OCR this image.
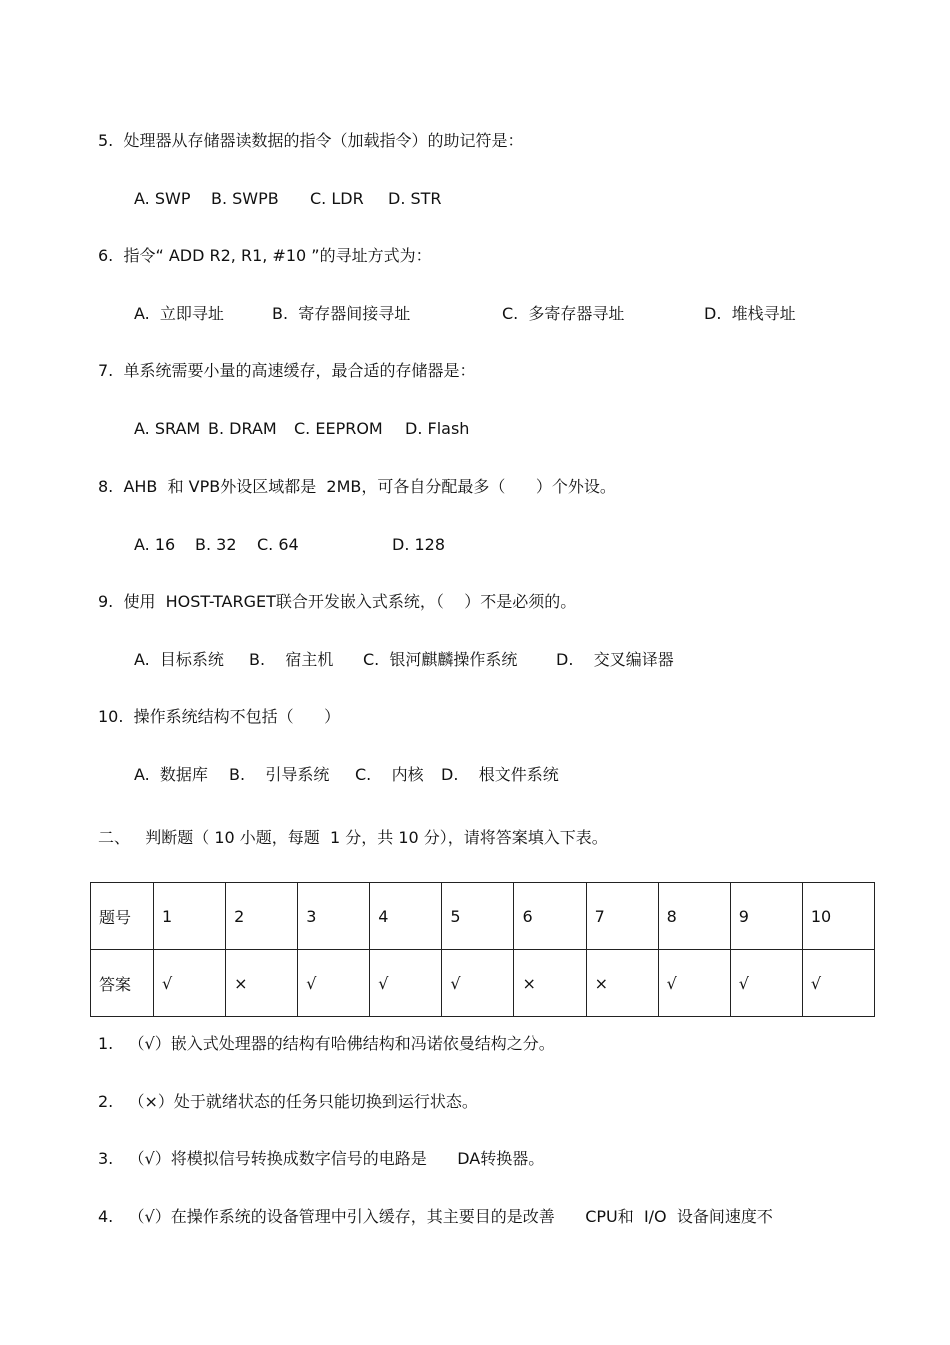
5.  处理器从存储器读数据的指令（加载指令）的助记符是：
A. SWP B. SWPB C. LDR D. STR
6.  指令“ ADD R2, R1, #10 ”的寻址方式为：
A.  立即寻址	B.  寄存器间接寻址	C.  多寄存器寻址	D.  堆栈寻址
7.  单系统需要小量的高速缓存，最合适的存储器是：
A. SRAM B. DRAM C. EEPROM D. Flash
8.  AHB  和 VPB外设区域都是  2MB，可各自分配最多（      ）个外设。
A. 16 B. 32 C. 64	D. 128
9.  使用  HOST-TARGET联合开发嵌入式系统，（    ）不是必须的。
A.  目标系统 B.    宿主机 C.  银河麒麟操作系统 D.    交叉编译器
10.  操作系统结构不包括（      ）
A.  数据库 B.    引导系统 C.    内核 D.    根文件系统
二、   判断题（ 10 小题，每题  1 分，共 10 分），请将答案填入下表。
题号	1	2	3	4	5	6	7	8	9	10
答案	√	×	√	√	√	×	×	√	√	√
1.   （√）嵌入式处理器的结构有哈佛结构和冯诺依曼结构之分。
2.   （×）处于就绪状态的任务只能切换到运行状态。
3.   （√）将模拟信号转换成数字信号的电路是      DA转换器。
4.   （√）在操作系统的设备管理中引入缓存，其主要目的是改善      CPU和  I/O  设备间速度不
